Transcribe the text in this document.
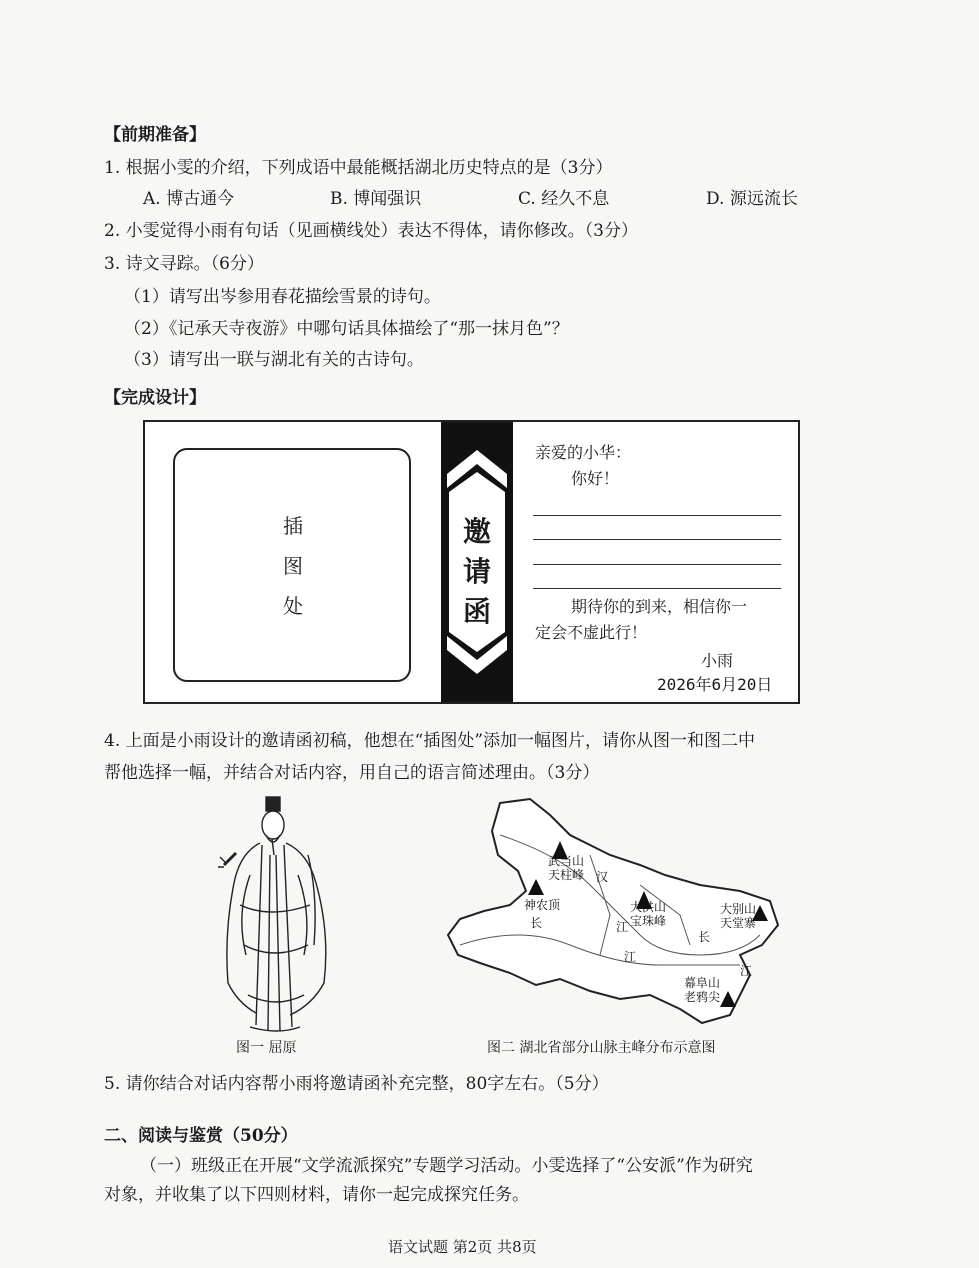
【前期准备】
1. 根据小雯的介绍，下列成语中最能概括湖北历史特点的是（3分）
A. 博古通今	B. 博闻强识	C. 经久不息	D. 源远流长
2. 小雯觉得小雨有句话（见画横线处）表达不得体，请你修改。（3分）
3. 诗文寻踪。（6分）
（1）请写出岑参用春花描绘雪景的诗句。
（2）《记承天寺夜游》中哪句话具体描绘了“那一抹月色”？
（3）请写出一联与湖北有关的古诗句。
【完成设计】
插
图
处
邀
请
函
亲爱的小华：
你好！
期待你的到来，相信你一
定会不虚此行！
小雨
2026年6月20日
4. 上面是小雨设计的邀请函初稿，他想在“插图处”添加一幅图片，请你从图一和图二中
帮他选择一幅，并结合对话内容，用自己的语言简述理由。（3分）
图一 屈原
武当山
天柱峰
神农顶	大洪山
宝珠峰
大别山
天堂寨
幕阜山
老鸦尖
汉
江
长
江
长
江
图二 湖北省部分山脉主峰分布示意图
5. 请你结合对话内容帮小雨将邀请函补充完整，80字左右。（5分）
二、阅读与鉴赏（50分）
（一）班级正在开展“文学流派探究”专题学习活动。小雯选择了“公安派”作为研究
对象，并收集了以下四则材料，请你一起完成探究任务。
语文试题 第2页 共8页
